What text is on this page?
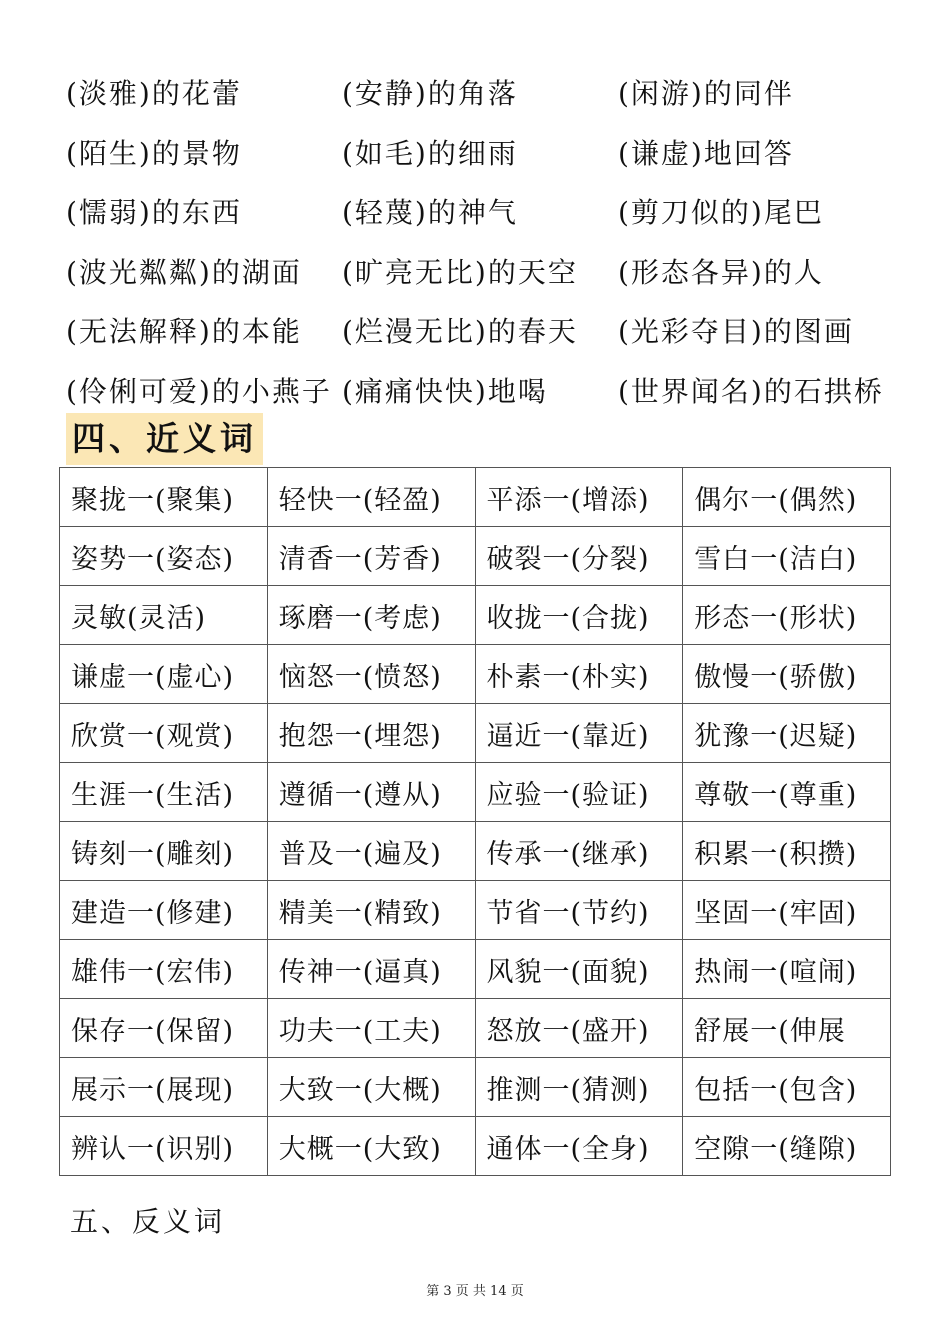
(淡雅)的花蕾	(安静)的角落	(闲游)的同伴
(陌生)的景物	(如毛)的细雨	(谦虚)地回答
(懦弱)的东西	(轻蔑)的神气	(剪刀似的)尾巴
(波光粼粼)的湖面	(旷亮无比)的天空	(形态各异)的人
(无法解释)的本能	(烂漫无比)的春天	(光彩夺目)的图画
(伶俐可爱)的小燕子 (痛痛快快)地喝	(世界闻名)的石拱桥
四、近义词
聚拢一(聚集)	轻快一(轻盈)	平添一(增添)	偶尔一(偶然)
姿势一(姿态)	清香一(芳香)	破裂一(分裂)	雪白一(洁白)
灵敏(灵活)	琢磨一(考虑)	收拢一(合拢)	形态一(形状)
谦虚一(虚心)	恼怒一(愤怒)	朴素一(朴实)	傲慢一(骄傲)
欣赏一(观赏)	抱怨一(埋怨)	逼近一(靠近)	犹豫一(迟疑)
生涯一(生活)	遵循一(遵从)	应验一(验证)	尊敬一(尊重)
铸刻一(雕刻)	普及一(遍及)	传承一(继承)	积累一(积攒)
建造一(修建)	精美一(精致)	节省一(节约)	坚固一(牢固)
雄伟一(宏伟)	传神一(逼真)	风貌一(面貌)	热闹一(喧闹)
保存一(保留)	功夫一(工夫)	怒放一(盛开)	舒展一(伸展
展示一(展现)	大致一(大概)	推测一(猜测)	包括一(包含)
辨认一(识别)	大概一(大致)	通体一(全身)	空隙一(缝隙)
五、反义词
第 3 页 共 14 页
